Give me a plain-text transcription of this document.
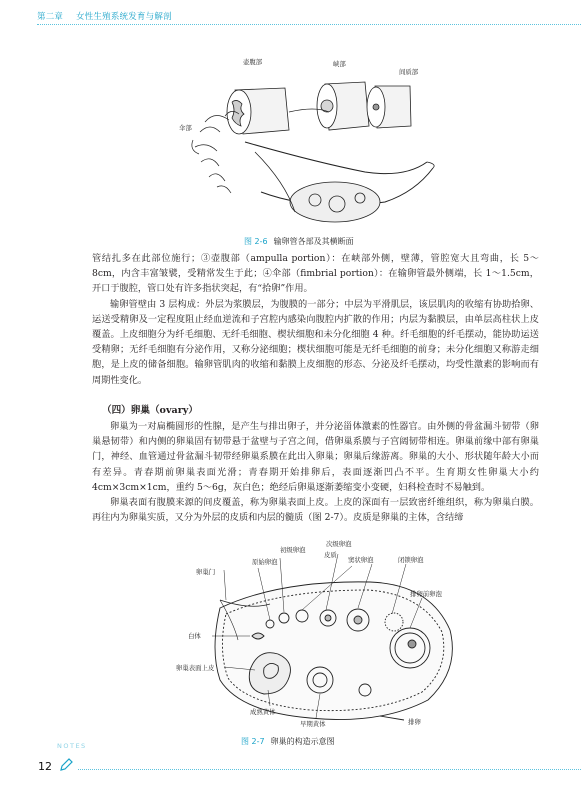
第二章 女性生殖系统发育与解剖
壶腹部	峡部
间质部
伞部
图 2-6 输卵管各部及其横断面

管结扎多在此部位施行；③壶腹部（ampulla portion）：在峡部外侧，壁薄，管腔宽大且弯曲，长 5～8cm，内含丰富皱襞，受精常发生于此；④伞部（fimbrial portion）：在输卵管最外侧端，长 1～1.5cm，开口于腹腔，管口处有许多指状突起，有“拾卵”作用。

输卵管壁由 3 层构成：外层为浆膜层，为腹膜的一部分；中层为平滑肌层，该层肌肉的收缩有协助拾卵、运送受精卵及一定程度阻止经血逆流和子宫腔内感染向腹腔内扩散的作用；内层为黏膜层，由单层高柱状上皮覆盖。上皮细胞分为纤毛细胞、无纤毛细胞、楔状细胞和未分化细胞 4 种。纤毛细胞的纤毛摆动，能协助运送受精卵；无纤毛细胞有分泌作用，又称分泌细胞；楔状细胞可能是无纤毛细胞的前身；未分化细胞又称游走细胞，是上皮的储备细胞。输卵管肌肉的收缩和黏膜上皮细胞的形态、分泌及纤毛摆动，均受性激素的影响而有周期性变化。

（四）卵巢（ovary）

卵巢为一对扁椭圆形的性腺，是产生与排出卵子，并分泌甾体激素的性器官。由外侧的骨盆漏斗韧带（卵巢悬韧带）和内侧的卵巢固有韧带悬于盆壁与子宫之间，借卵巢系膜与子宫阔韧带相连。卵巢前缘中部有卵巢门，神经、血管通过骨盆漏斗韧带经卵巢系膜在此出入卵巢；卵巢后缘游离。卵巢的大小、形状随年龄大小而有差异。青春期前卵巢表面光滑；青春期开始排卵后，表面逐渐凹凸不平。生育期女性卵巢大小约 4cm×3cm×1cm，重约 5～6g，灰白色；绝经后卵巢逐渐萎缩变小变硬，妇科检查时不易触到。

卵巢表面有腹膜来源的间皮覆盖，称为卵巢表面上皮。上皮的深面有一层致密纤维组织，称为卵巢白膜。再往内为卵巢实质，又分为外层的皮质和内层的髓质（图 2-7）。皮质是卵巢的主体，含结缔

初级卵泡
次级卵泡
皮质
原始卵泡	窦状卵泡	闭锁卵泡
卵巢门
排卵前卵泡
白体
卵巢表面上皮
成熟黄体
早期黄体	排卵
图 2-7 卵巢的构造示意图
NOTES
12
